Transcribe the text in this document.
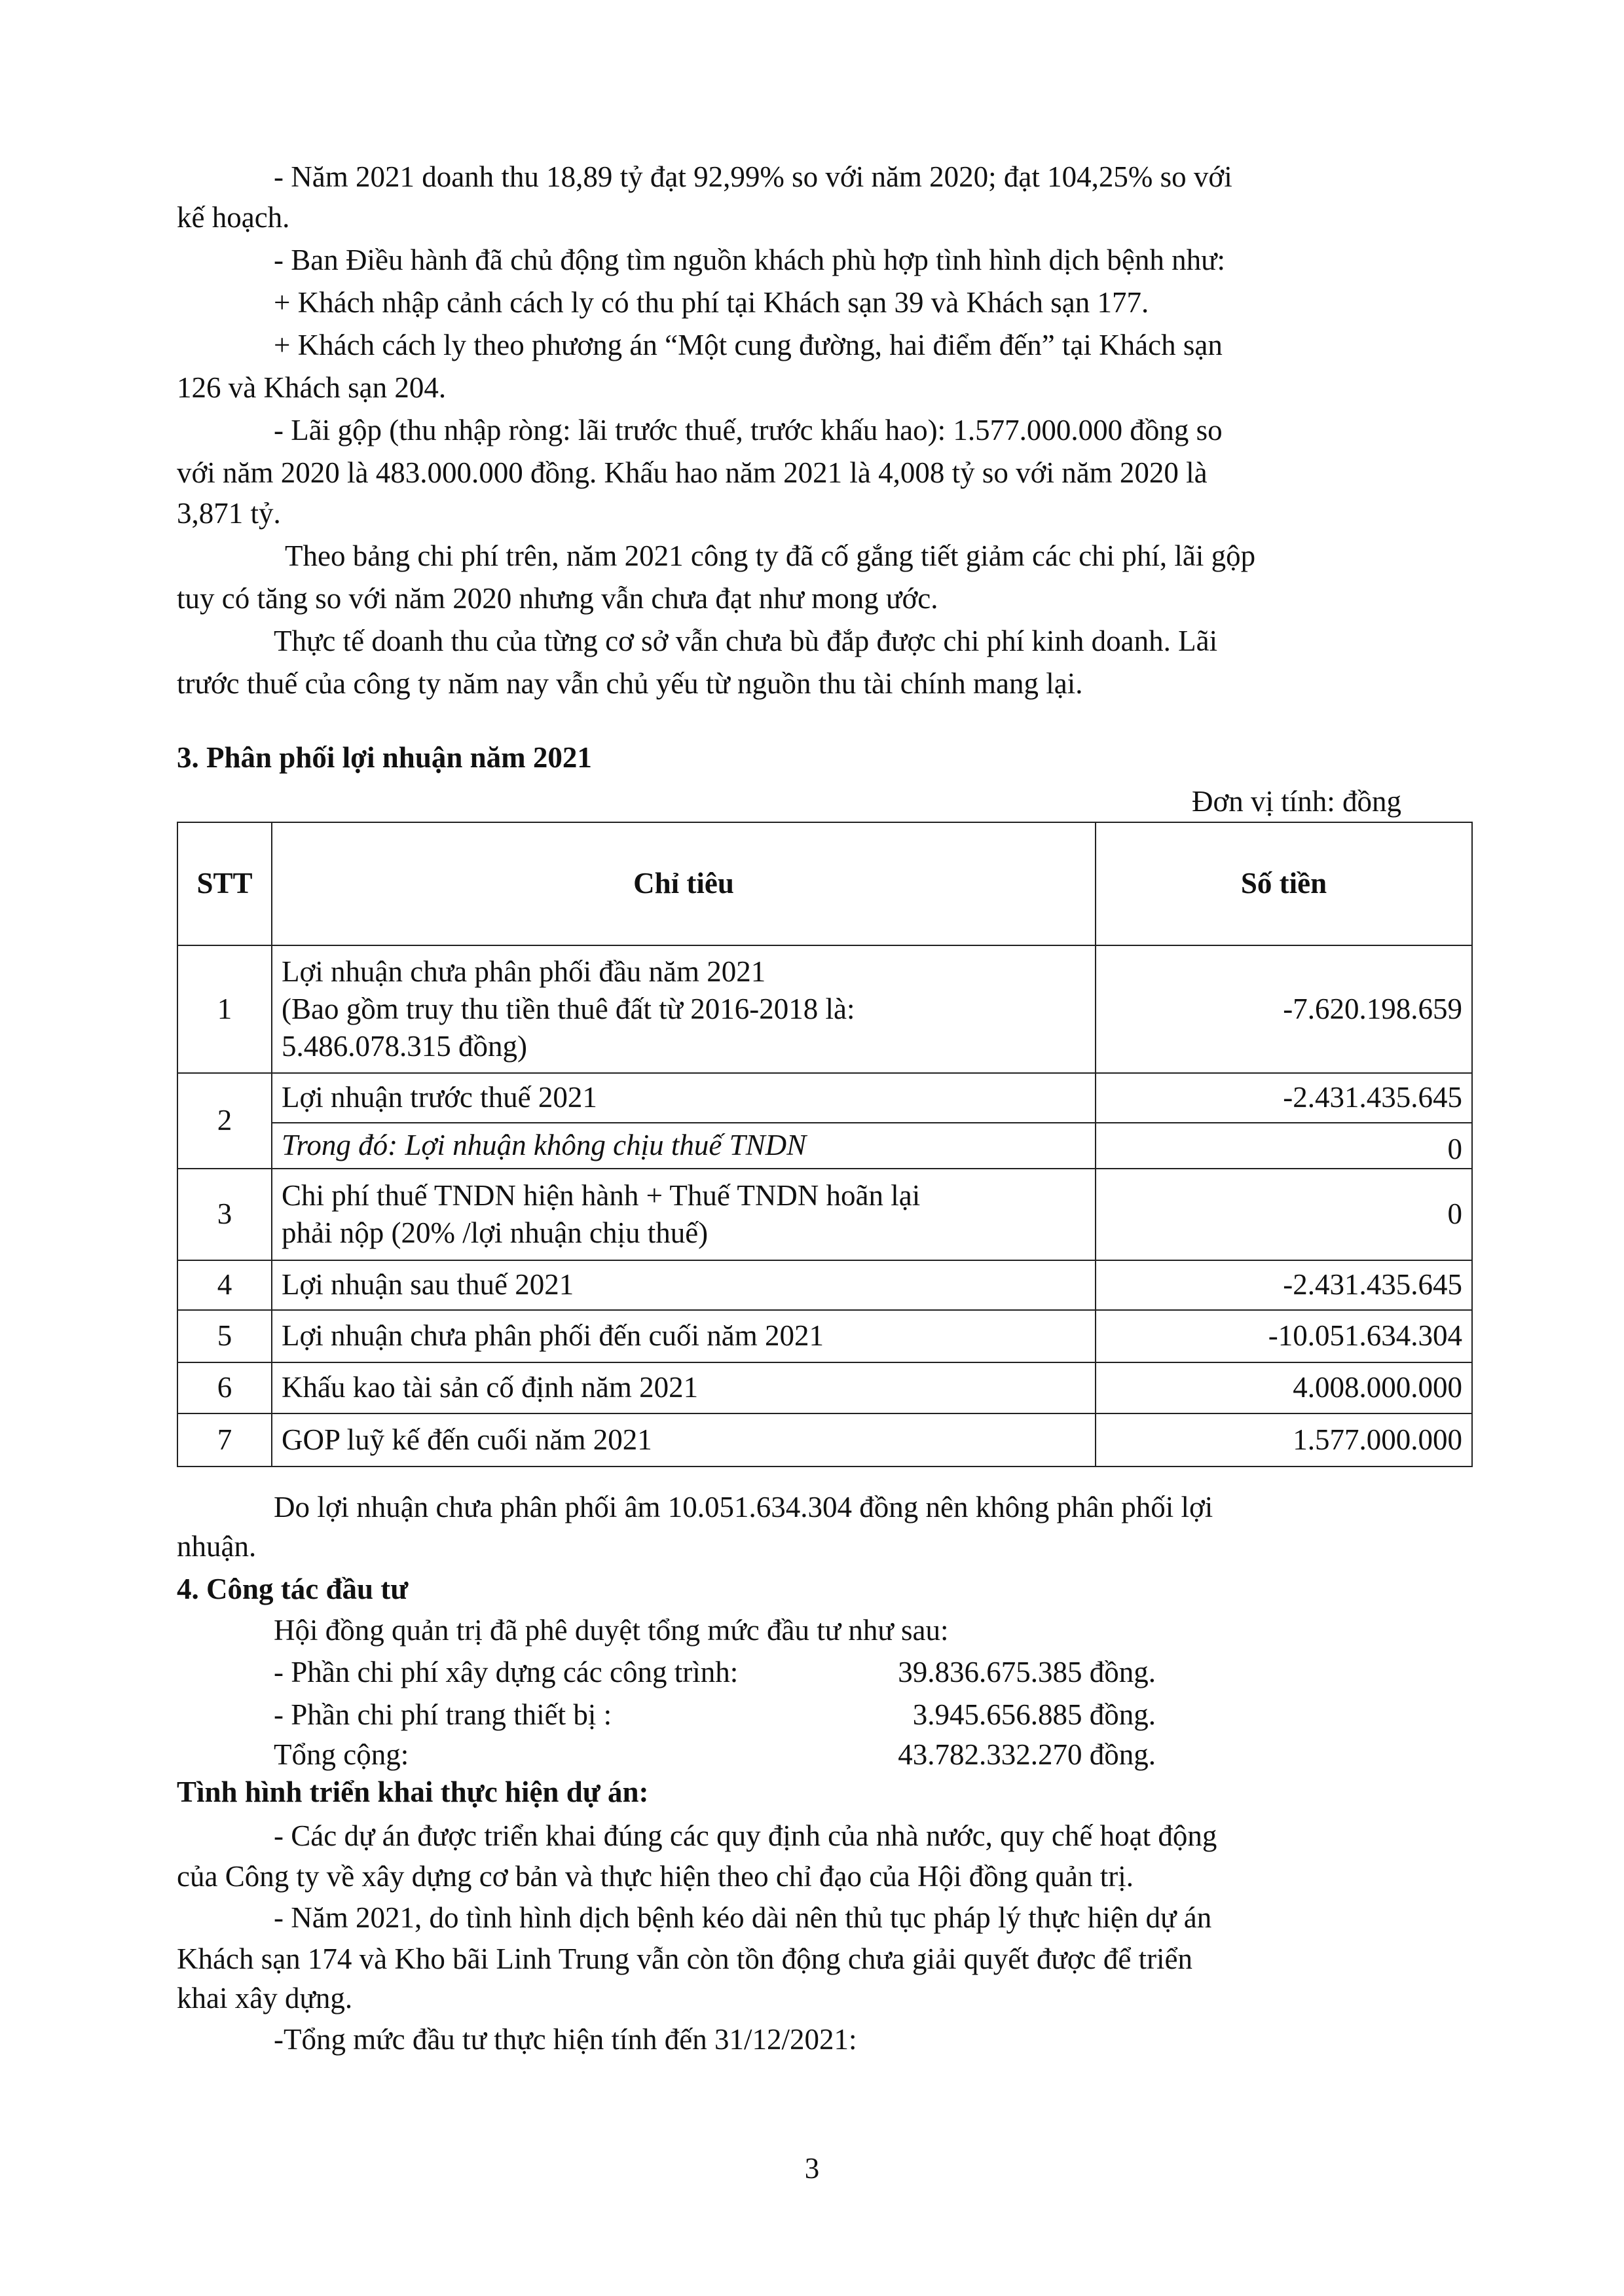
- Năm 2021 doanh thu 18,89 tỷ đạt 92,99% so với năm 2020; đạt 104,25% so với
kế hoạch.
- Ban Điều hành đã chủ động tìm nguồn khách phù hợp tình hình dịch bệnh như:
+ Khách nhập cảnh cách ly có thu phí tại Khách sạn 39 và Khách sạn 177.
+ Khách cách ly theo phương án “Một cung đường, hai điểm đến” tại Khách sạn
126 và Khách sạn 204.
- Lãi gộp (thu nhập ròng: lãi trước thuế, trước khấu hao): 1.577.000.000 đồng so
với năm 2020 là 483.000.000 đồng. Khấu hao năm 2021 là 4,008 tỷ so với năm 2020 là
3,871 tỷ.
Theo bảng chi phí trên, năm 2021 công ty đã cố gắng tiết giảm các chi phí, lãi gộp
tuy có tăng so với năm 2020 nhưng vẫn chưa đạt như mong ước.
Thực tế doanh thu của từng cơ sở vẫn chưa bù đắp được chi phí kinh doanh. Lãi
trước thuế của công ty năm nay vẫn chủ yếu từ nguồn thu tài chính mang lại.
3. Phân phối lợi nhuận năm 2021
Đơn vị tính: đồng
STT	Chỉ tiêu	Số tiền
1	Lợi nhuận chưa phân phối đầu năm 2021
(Bao gồm truy thu tiền thuê đất từ 2016-2018 là:
5.486.078.315 đồng)	-7.620.198.659
2	Lợi nhuận trước thuế 2021	-2.431.435.645
	Trong đó: Lợi nhuận không chịu thuế TNDN	0
3	Chi phí thuế TNDN hiện hành + Thuế TNDN hoãn lại
phải nộp (20% /lợi nhuận chịu thuế)	0
4	Lợi nhuận sau thuế 2021	-2.431.435.645
5	Lợi nhuận chưa phân phối đến cuối năm 2021	-10.051.634.304
6	Khấu kao tài sản cố định năm 2021	4.008.000.000
7	GOP luỹ kế đến cuối năm 2021	1.577.000.000
Do lợi nhuận chưa phân phối âm 10.051.634.304 đồng nên không phân phối lợi
nhuận.
4. Công tác đầu tư
Hội đồng quản trị đã phê duyệt tổng mức đầu tư như sau:
- Phần chi phí xây dựng các công trình:	39.836.675.385 đồng.
- Phần chi phí trang thiết bị :	3.945.656.885 đồng.
Tổng cộng:	43.782.332.270 đồng.
Tình hình triển khai thực hiện dự án:
- Các dự án được triển khai đúng các quy định của nhà nước, quy chế hoạt động
của Công ty về xây dựng cơ bản và thực hiện theo chỉ đạo của Hội đồng quản trị.
- Năm 2021, do tình hình dịch bệnh kéo dài nên thủ tục pháp lý thực hiện dự án
Khách sạn 174 và Kho bãi Linh Trung vẫn còn tồn động chưa giải quyết được để triển
khai xây dựng.
-Tổng mức đầu tư thực hiện tính đến 31/12/2021:
3
